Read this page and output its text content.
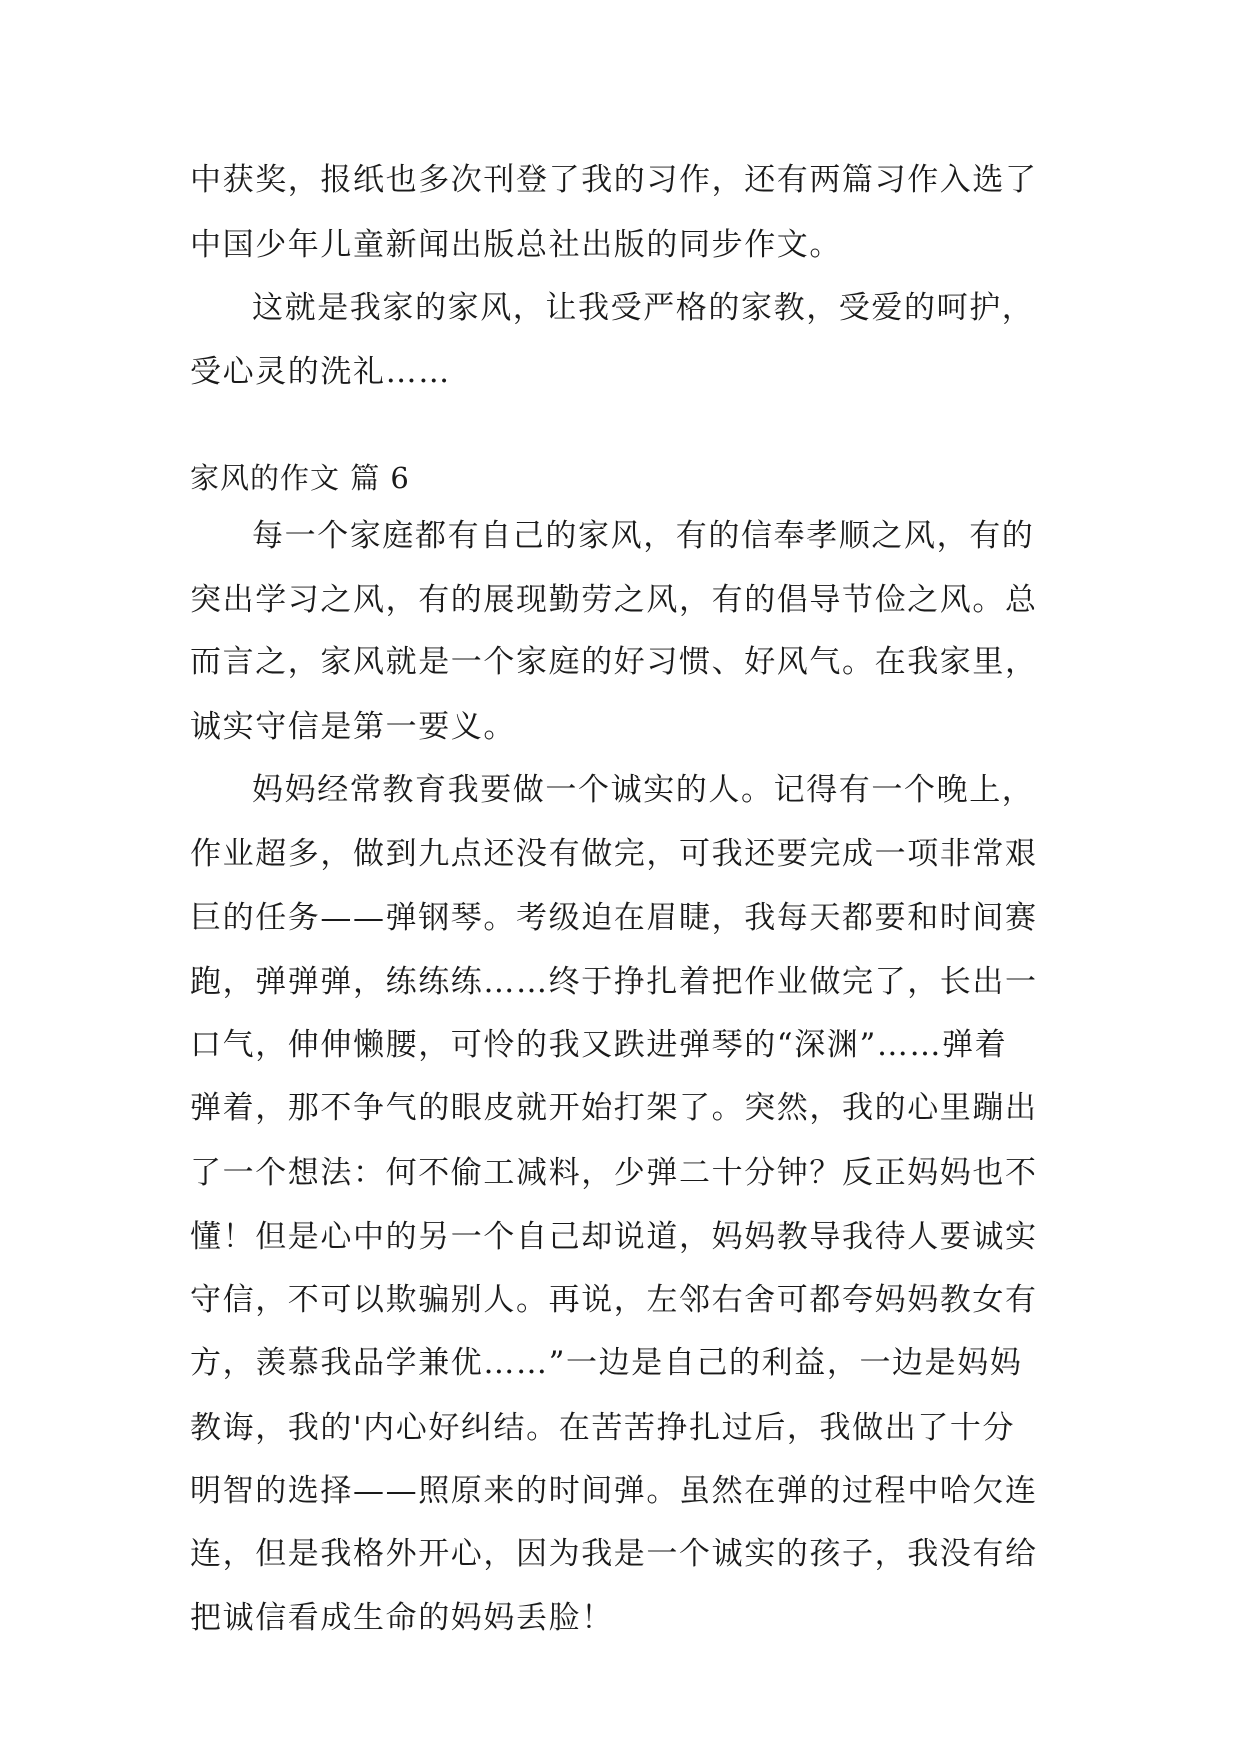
中获奖，报纸也多次刊登了我的习作，还有两篇习作入选了
中国少年儿童新闻出版总社出版的同步作文。
这就是我家的家风，让我受严格的家教，受爱的呵护，
受心灵的洗礼……
家风的作文 篇 6
每一个家庭都有自己的家风，有的信奉孝顺之风，有的
突出学习之风，有的展现勤劳之风，有的倡导节俭之风。总
而言之，家风就是一个家庭的好习惯、好风气。在我家里，
诚实守信是第一要义。
妈妈经常教育我要做一个诚实的人。记得有一个晚上，
作业超多，做到九点还没有做完，可我还要完成一项非常艰
巨的任务——弹钢琴。考级迫在眉睫，我每天都要和时间赛
跑，弹弹弹，练练练……终于挣扎着把作业做完了，长出一
口气，伸伸懒腰，可怜的我又跌进弹琴的“深渊”……弹着
弹着，那不争气的眼皮就开始打架了。突然，我的心里蹦出
了一个想法：何不偷工减料，少弹二十分钟？反正妈妈也不
懂！但是心中的另一个自己却说道，妈妈教导我待人要诚实
守信，不可以欺骗别人。再说，左邻右舍可都夸妈妈教女有
方，羡慕我品学兼优……”一边是自己的利益，一边是妈妈
教诲，我的'内心好纠结。在苦苦挣扎过后，我做出了十分
明智的选择——照原来的时间弹。虽然在弹的过程中哈欠连
连，但是我格外开心，因为我是一个诚实的孩子，我没有给
把诚信看成生命的妈妈丢脸！
